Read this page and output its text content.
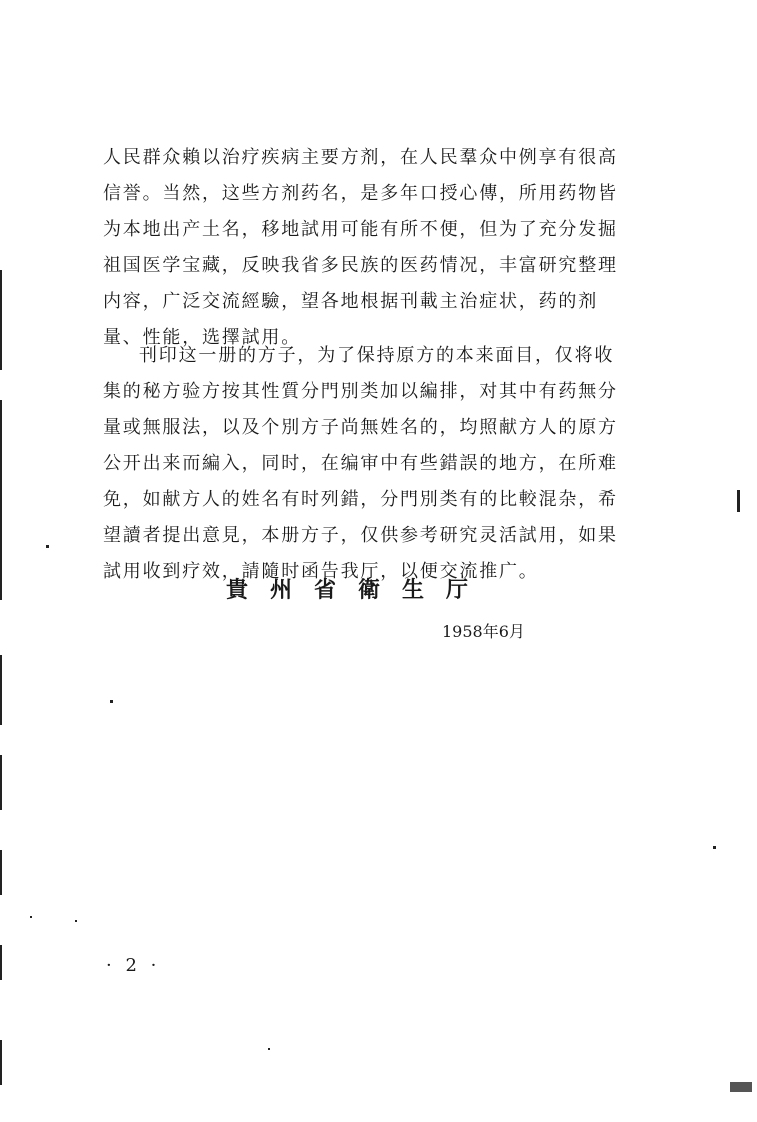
人民群众賴以治疗疾病主要方剂，在人民羣众中例享有很高
信誉。当然，这些方剂药名，是多年口授心傳，所用药物皆
为本地出产土名，移地試用可能有所不便，但为了充分发掘
祖国医学宝藏，反映我省多民族的医药情况，丰富研究整理
内容，广泛交流經驗，望各地根据刊載主治症状，药的剂
量、性能，选擇試用。
刊印这一册的方子，为了保持原方的本来面目，仅将收
集的秘方验方按其性質分門別类加以編排，对其中有药無分
量或無服法，以及个別方子尚無姓名的，均照献方人的原方
公开出来而編入，同时，在编审中有些錯誤的地方，在所难
免，如献方人的姓名有时列錯，分門別类有的比較混杂，希
望讀者提出意見，本册方子，仅供参考研究灵活試用，如果
試用收到疗效，請隨时函告我厅，以便交流推广。
貴州省衛生厅
1958年6月
· 2 ·
